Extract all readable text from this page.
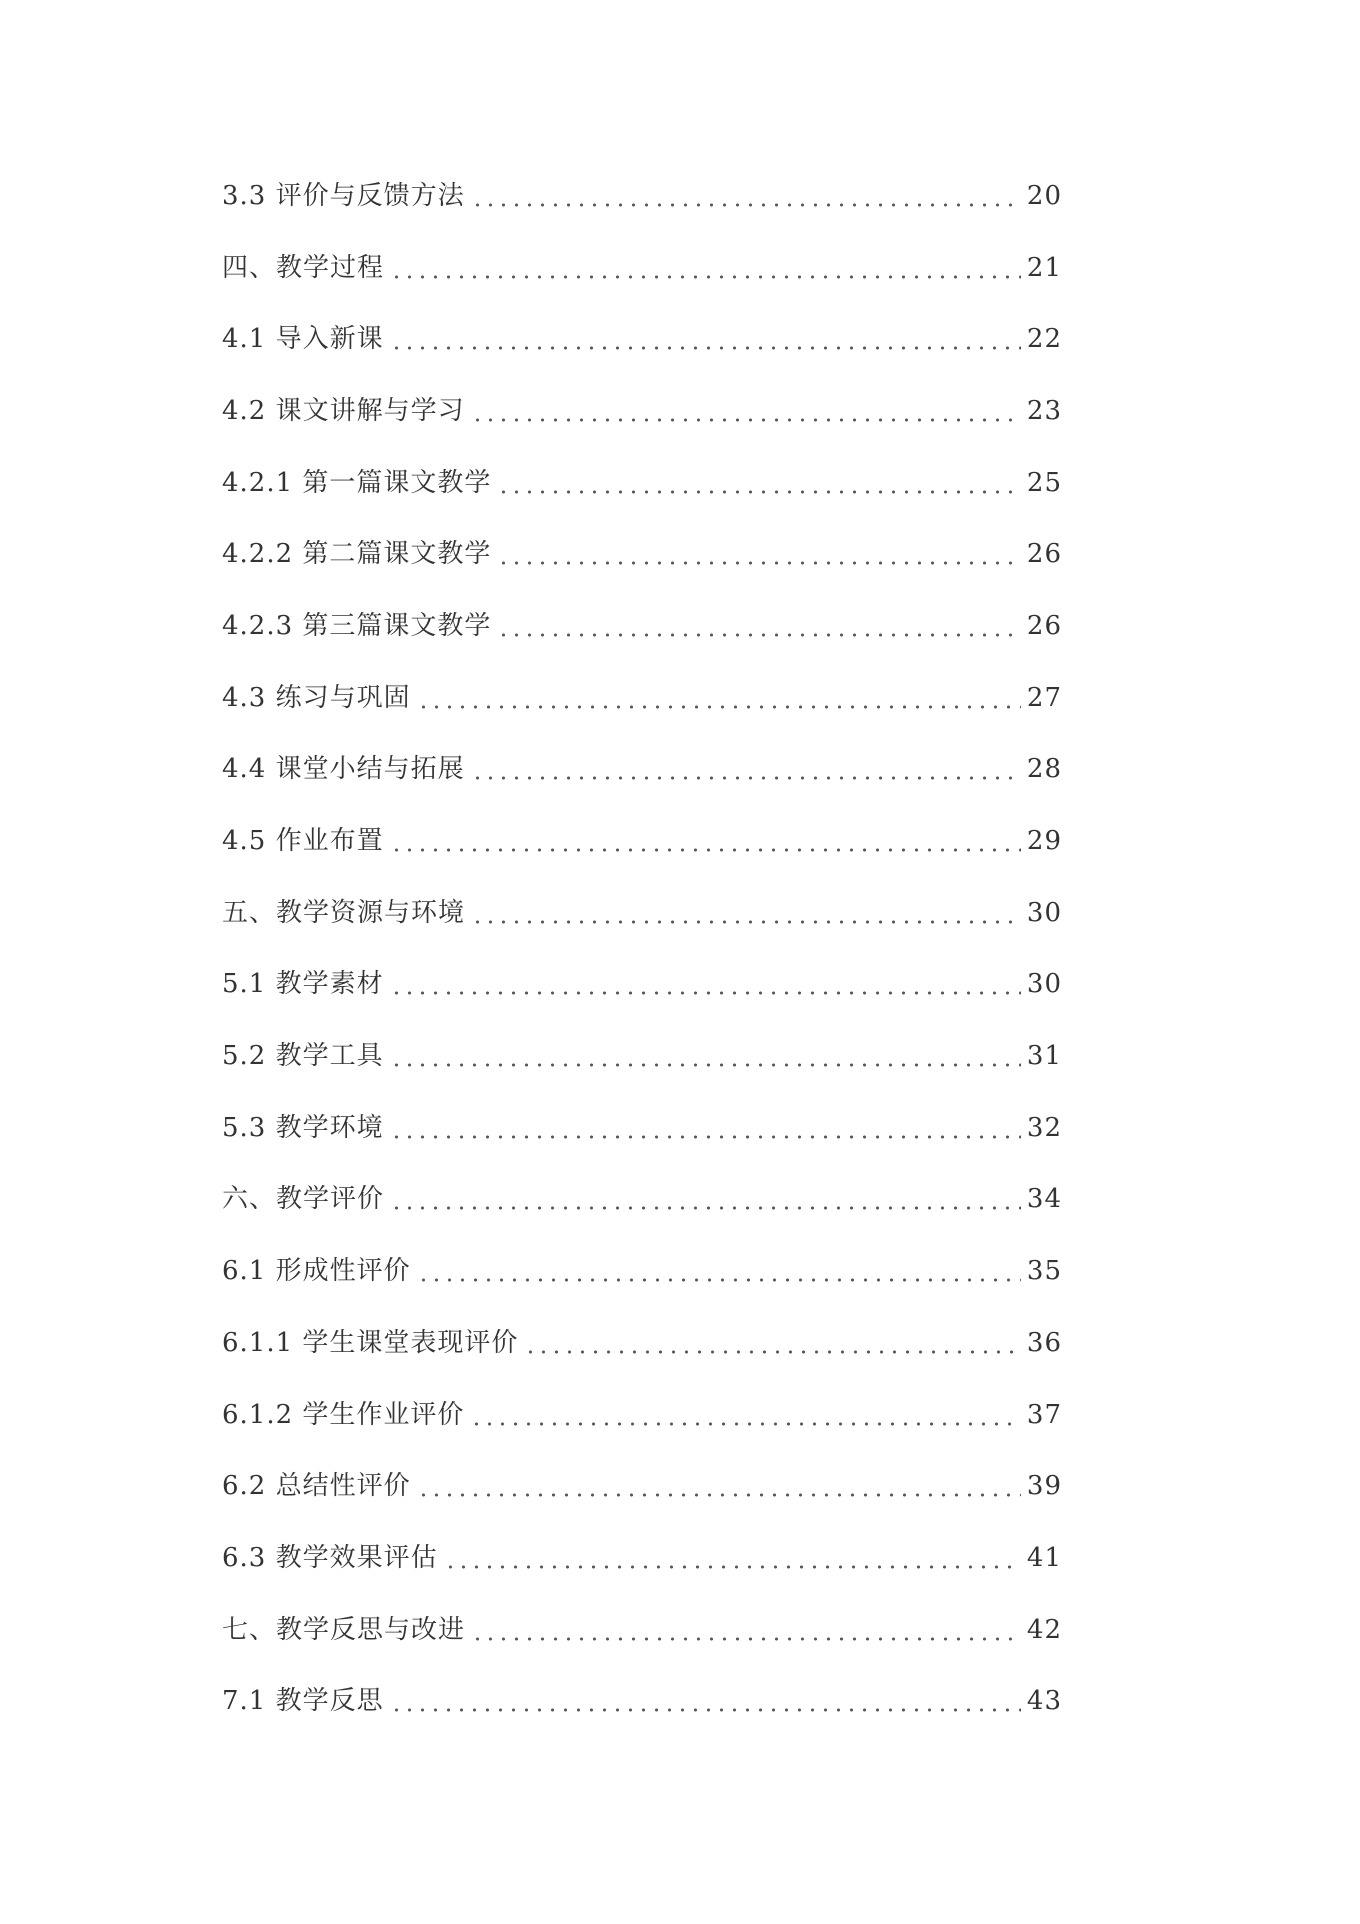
3.3 评价与反馈方法	20
四、教学过程	21
4.1 导入新课	22
4.2 课文讲解与学习	23
4.2.1 第一篇课文教学	25
4.2.2 第二篇课文教学	26
4.2.3 第三篇课文教学	26
4.3 练习与巩固	27
4.4 课堂小结与拓展	28
4.5 作业布置	29
五、教学资源与环境	30
5.1 教学素材	30
5.2 教学工具	31
5.3 教学环境	32
六、教学评价	34
6.1 形成性评价	35
6.1.1 学生课堂表现评价	36
6.1.2 学生作业评价	37
6.2 总结性评价	39
6.3 教学效果评估	41
七、教学反思与改进	42
7.1 教学反思	43
